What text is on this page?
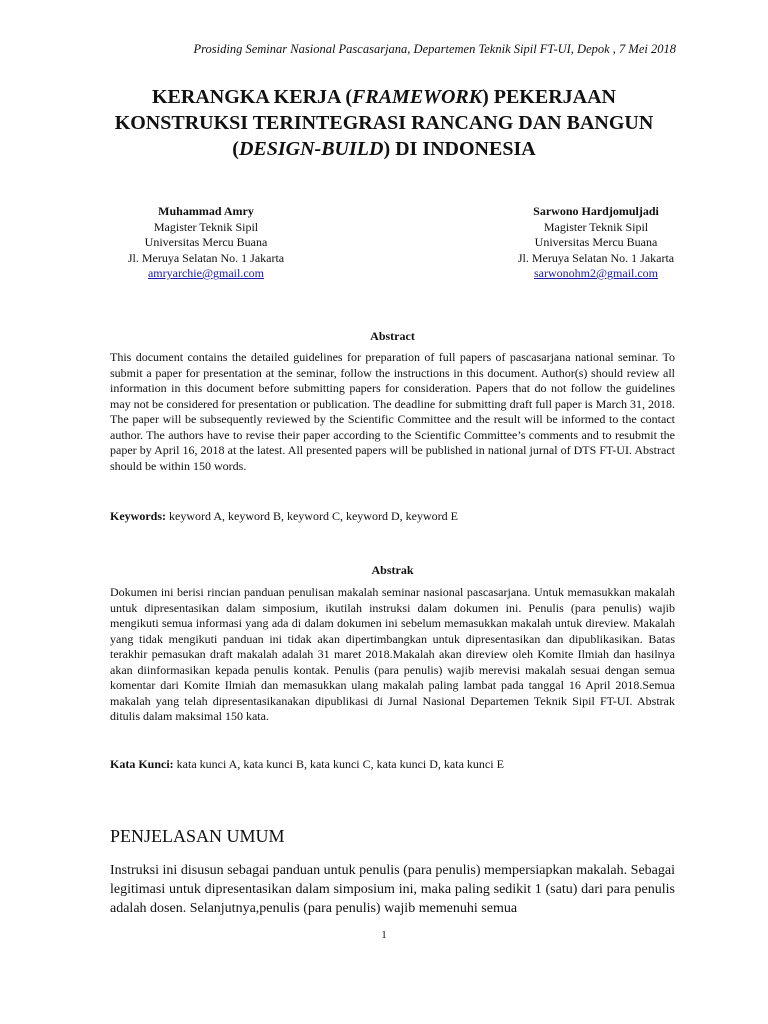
Prosiding Seminar Nasional Pascasarjana, Departemen Teknik Sipil FT-UI, Depok , 7 Mei 2018
KERANGKA KERJA (FRAMEWORK) PEKERJAAN
KONSTRUKSI TERINTEGRASI RANCANG DAN BANGUN
(DESIGN-BUILD) DI INDONESIA
Muhammad Amry
Magister Teknik Sipil
Universitas Mercu Buana
Jl. Meruya Selatan No. 1 Jakarta
amryarchie@gmail.com
Sarwono Hardjomuljadi
Magister Teknik Sipil
Universitas Mercu Buana
Jl. Meruya Selatan No. 1 Jakarta
sarwonohm2@gmail.com
Abstract
This document contains the detailed guidelines for preparation of full papers of pascasarjana national seminar. To submit a paper for presentation at the seminar, follow the instructions in this document. Author(s) should review all information in this document before submitting papers for consideration. Papers that do not follow the guidelines may not be considered for presentation or publication. The deadline for submitting draft full paper is March 31, 2018. The paper will be subsequently reviewed by the Scientific Committee and the result will be informed to the contact author. The authors have to revise their paper according to the Scientific Committee’s comments and to resubmit the paper by April 16, 2018 at the latest. All presented papers will be published in national jurnal of DTS FT-UI. Abstract should be within 150 words.
Keywords: keyword A, keyword B, keyword C, keyword D, keyword E
Abstrak
Dokumen ini berisi rincian panduan penulisan makalah seminar nasional pascasarjana. Untuk memasukkan makalah untuk dipresentasikan dalam simposium, ikutilah instruksi dalam dokumen ini. Penulis (para penulis) wajib mengikuti semua informasi yang ada di dalam dokumen ini sebelum memasukkan makalah untuk direview. Makalah yang tidak mengikuti panduan ini tidak akan dipertimbangkan untuk dipresentasikan dan dipublikasikan. Batas terakhir pemasukan draft makalah adalah 31 maret 2018.Makalah akan direview oleh Komite Ilmiah dan hasilnya akan diinformasikan kepada penulis kontak. Penulis (para penulis) wajib merevisi makalah sesuai dengan semua komentar dari Komite Ilmiah dan memasukkan ulang makalah paling lambat pada tanggal 16 April 2018.Semua makalah yang telah dipresentasikanakan dipublikasi di Jurnal Nasional Departemen Teknik Sipil FT-UI. Abstrak ditulis dalam maksimal 150 kata.
Kata Kunci: kata kunci A, kata kunci B, kata kunci C, kata kunci D, kata kunci E
PENJELASAN UMUM
Instruksi ini disusun sebagai panduan untuk penulis (para penulis) mempersiapkan makalah. Sebagai legitimasi untuk dipresentasikan dalam simposium ini, maka paling sedikit 1 (satu) dari para penulis adalah dosen. Selanjutnya,penulis (para penulis) wajib memenuhi semua
1
